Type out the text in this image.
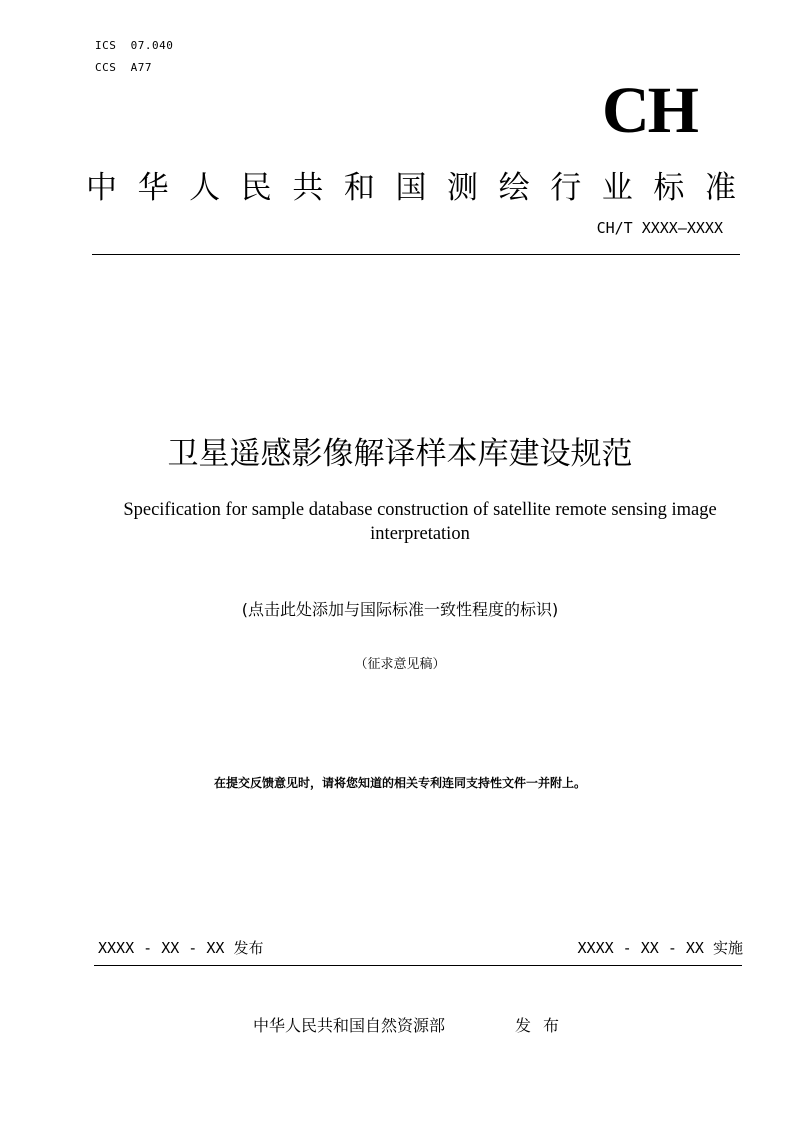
ICS  07.040
CCS  A77
CH
中 华 人 民 共 和 国 测 绘 行 业 标 准
CH/T XXXX—XXXX
卫星遥感影像解译样本库建设规范
Specification for sample database construction of satellite remote sensing image interpretation
(点击此处添加与国际标准一致性程度的标识)
（征求意见稿）
在提交反馈意见时，请将您知道的相关专利连同支持性文件一并附上。
XXXX - XX - XX 发布	XXXX - XX - XX 实施
中华人民共和国自然资源部	发布
